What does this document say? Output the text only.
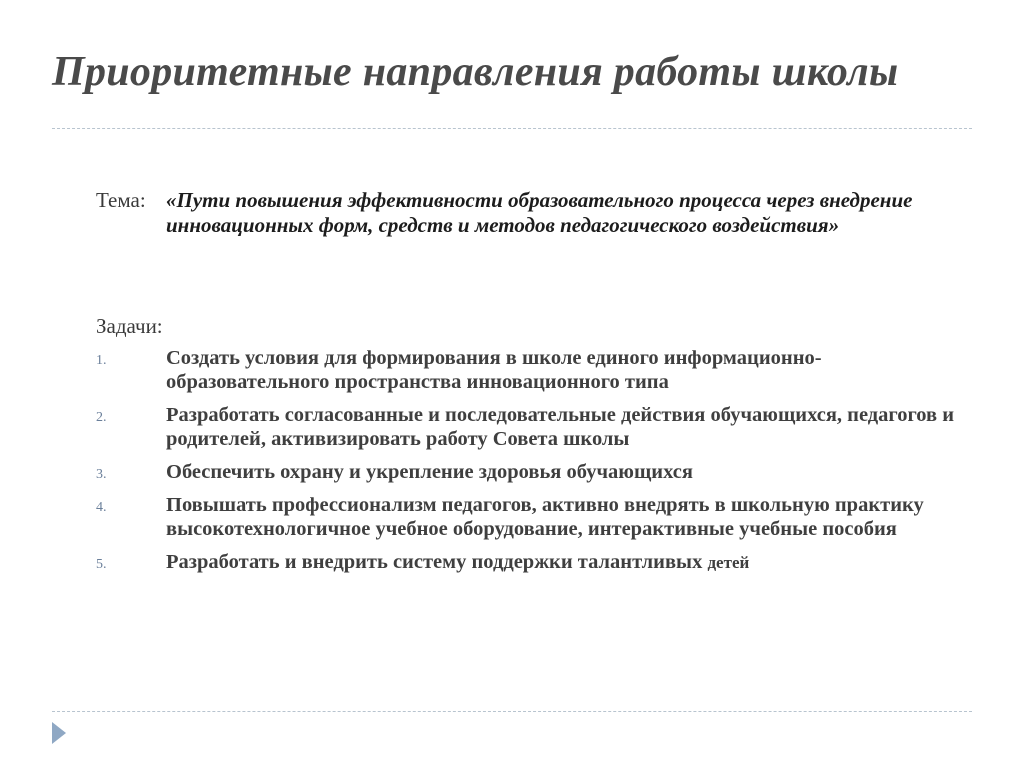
Приоритетные направления работы школы
Тема: «Пути повышения эффективности образовательного процесса через внедрение инновационных форм, средств и методов педагогического воздействия»
Задачи:
1.	Создать условия для формирования в школе единого информационно-образовательного пространства инновационного типа
2.	Разработать согласованные и последовательные действия обучающихся, педагогов и родителей, активизировать работу Совета школы
3.	Обеспечить охрану и укрепление здоровья обучающихся
4.	Повышать профессионализм педагогов, активно внедрять в школьную практику высокотехнологичное учебное оборудование, интерактивные учебные пособия
5.	Разработать и внедрить систему поддержки талантливых детей
